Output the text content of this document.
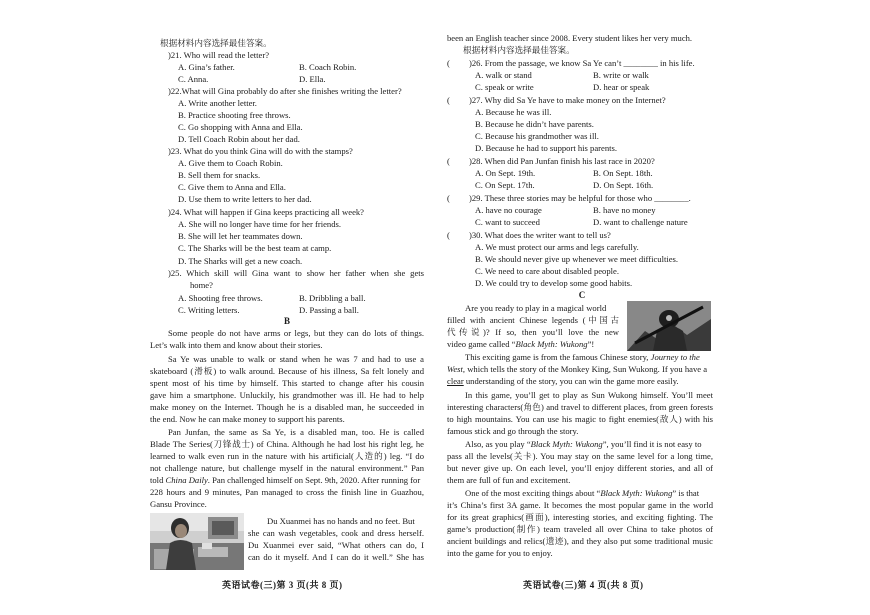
根据材料内容选择最佳答案。
)21. Who will read the letter?
A. Gina’s father.	B. Coach Robin.
C. Anna.	D. Ella.
)22.What will Gina probably do after she finishes writing the letter?
A. Write another letter.
B. Practice shooting free throws.
C. Go shopping with Anna and Ella.
D. Tell Coach Robin about her dad.
)23. What do you think Gina will do with the stamps?
A. Give them to Coach Robin.
B. Sell them for snacks.
C. Give them to Anna and Ella.
D. Use them to write letters to her dad.
)24. What will happen if Gina keeps practicing all week?
A. She will no longer have time for her friends.
B. She will let her teammates down.
C. The Sharks will be the best team at camp.
D. The Sharks will get a new coach.
)25. Which skill will Gina want to show her father when she gets
home?
A. Shooting free throws.	B. Dribbling a ball.
C. Writing letters.	D. Passing a ball.
B
Some people do not have arms or legs, but they can do lots of things.
Let’s walk into them and know about their stories.
Sa Ye was unable to walk or stand when he was 7 and had to use a
skateboard (滑板) to walk around. Because of his illness, Sa felt lonely and
spent most of his time by himself. This started to change after his cousin
gave him a smartphone. Unluckily, his grandmother was ill. He had to help
make money on the Internet. Though he is a disabled man, he succeeded in
the end. Now he can make money to support his parents.
Pan Junfan, the same as Sa Ye, is a disabled man, too. He is called
Blade The Series(刀锋战士) of China. Although he had lost his right leg, he
learned to walk even run in the nature with his artificial(人造的) leg. “I do
not challenge nature, but challenge myself in the natural environment.” Pan
told China Daily. Pan challenged himself on Sept. 9th, 2020. After running for
228 hours and 9 minutes, Pan managed to cross the finish line in Guazhou,
Gansu Province.
Du Xuanmei has no hands and no feet. But
she can wash vegetables, cook and dress herself.
Du Xuanmei ever said, “What others can do, I
can do it myself. And I can do it well.” She has
英语试卷(三)第 3 页(共 8 页)
been an English teacher since 2008. Every student likes her very much.
根据材料内容选择最佳答案。
( )26. From the passage, we know Sa Ye can’t ________ in his life.
A. walk or stand	B. write or walk
C. speak or write	D. hear or speak
( )27. Why did Sa Ye have to make money on the Internet?
A. Because he was ill.
B. Because he didn’t have parents.
C. Because his grandmother was ill.
D. Because he had to support his parents.
( )28. When did Pan Junfan finish his last race in 2020?
A. On Sept. 19th.	B. On Sept. 18th.
C. On Sept. 17th.	D. On Sept. 16th.
( )29. These three stories may be helpful for those who ________.
A. have no courage	B. have no money
C. want to succeed	D. want to challenge nature
( )30. What does the writer want to tell us?
A. We must protect our arms and legs carefully.
B. We should never give up whenever we meet difficulties.
C. We need to care about disabled people.
D. We could try to develop some good habits.
C
Are you ready to play in a magical world
filled with ancient Chinese legends (中国古
代传说)? If so, then you’ll love the new
video game called “Black Myth: Wukong”!
This exciting game is from the famous Chinese story, Journey to the
West, which tells the story of the Monkey King, Sun Wukong. If you have a
clear understanding of the story, you can win the game more easily.
In this game, you’ll get to play as Sun Wukong himself. You’ll meet
interesting characters(角色) and travel to different places, from green forests
to high mountains. You can use his magic to fight enemies(敌人) with his
famous stick and go through the story.
Also, as you play “Black Myth: Wukong”, you’ll find it is not easy to
pass all the levels(关卡). You may stay on the same level for a long time,
but never give up. On each level, you’ll enjoy different stories, and all of
them are full of fun and excitement.
One of the most exciting things about “Black Myth: Wukong” is that
it’s China’s first 3A game. It becomes the most popular game in the world
for its great graphics(画面), interesting stories, and exciting fighting. The
game’s production(制作) team traveled all over China to take photos of
ancient buildings and relics(遗迹), and they also put some traditional music
into the game for you to enjoy.
英语试卷(三)第 4 页(共 8 页)
